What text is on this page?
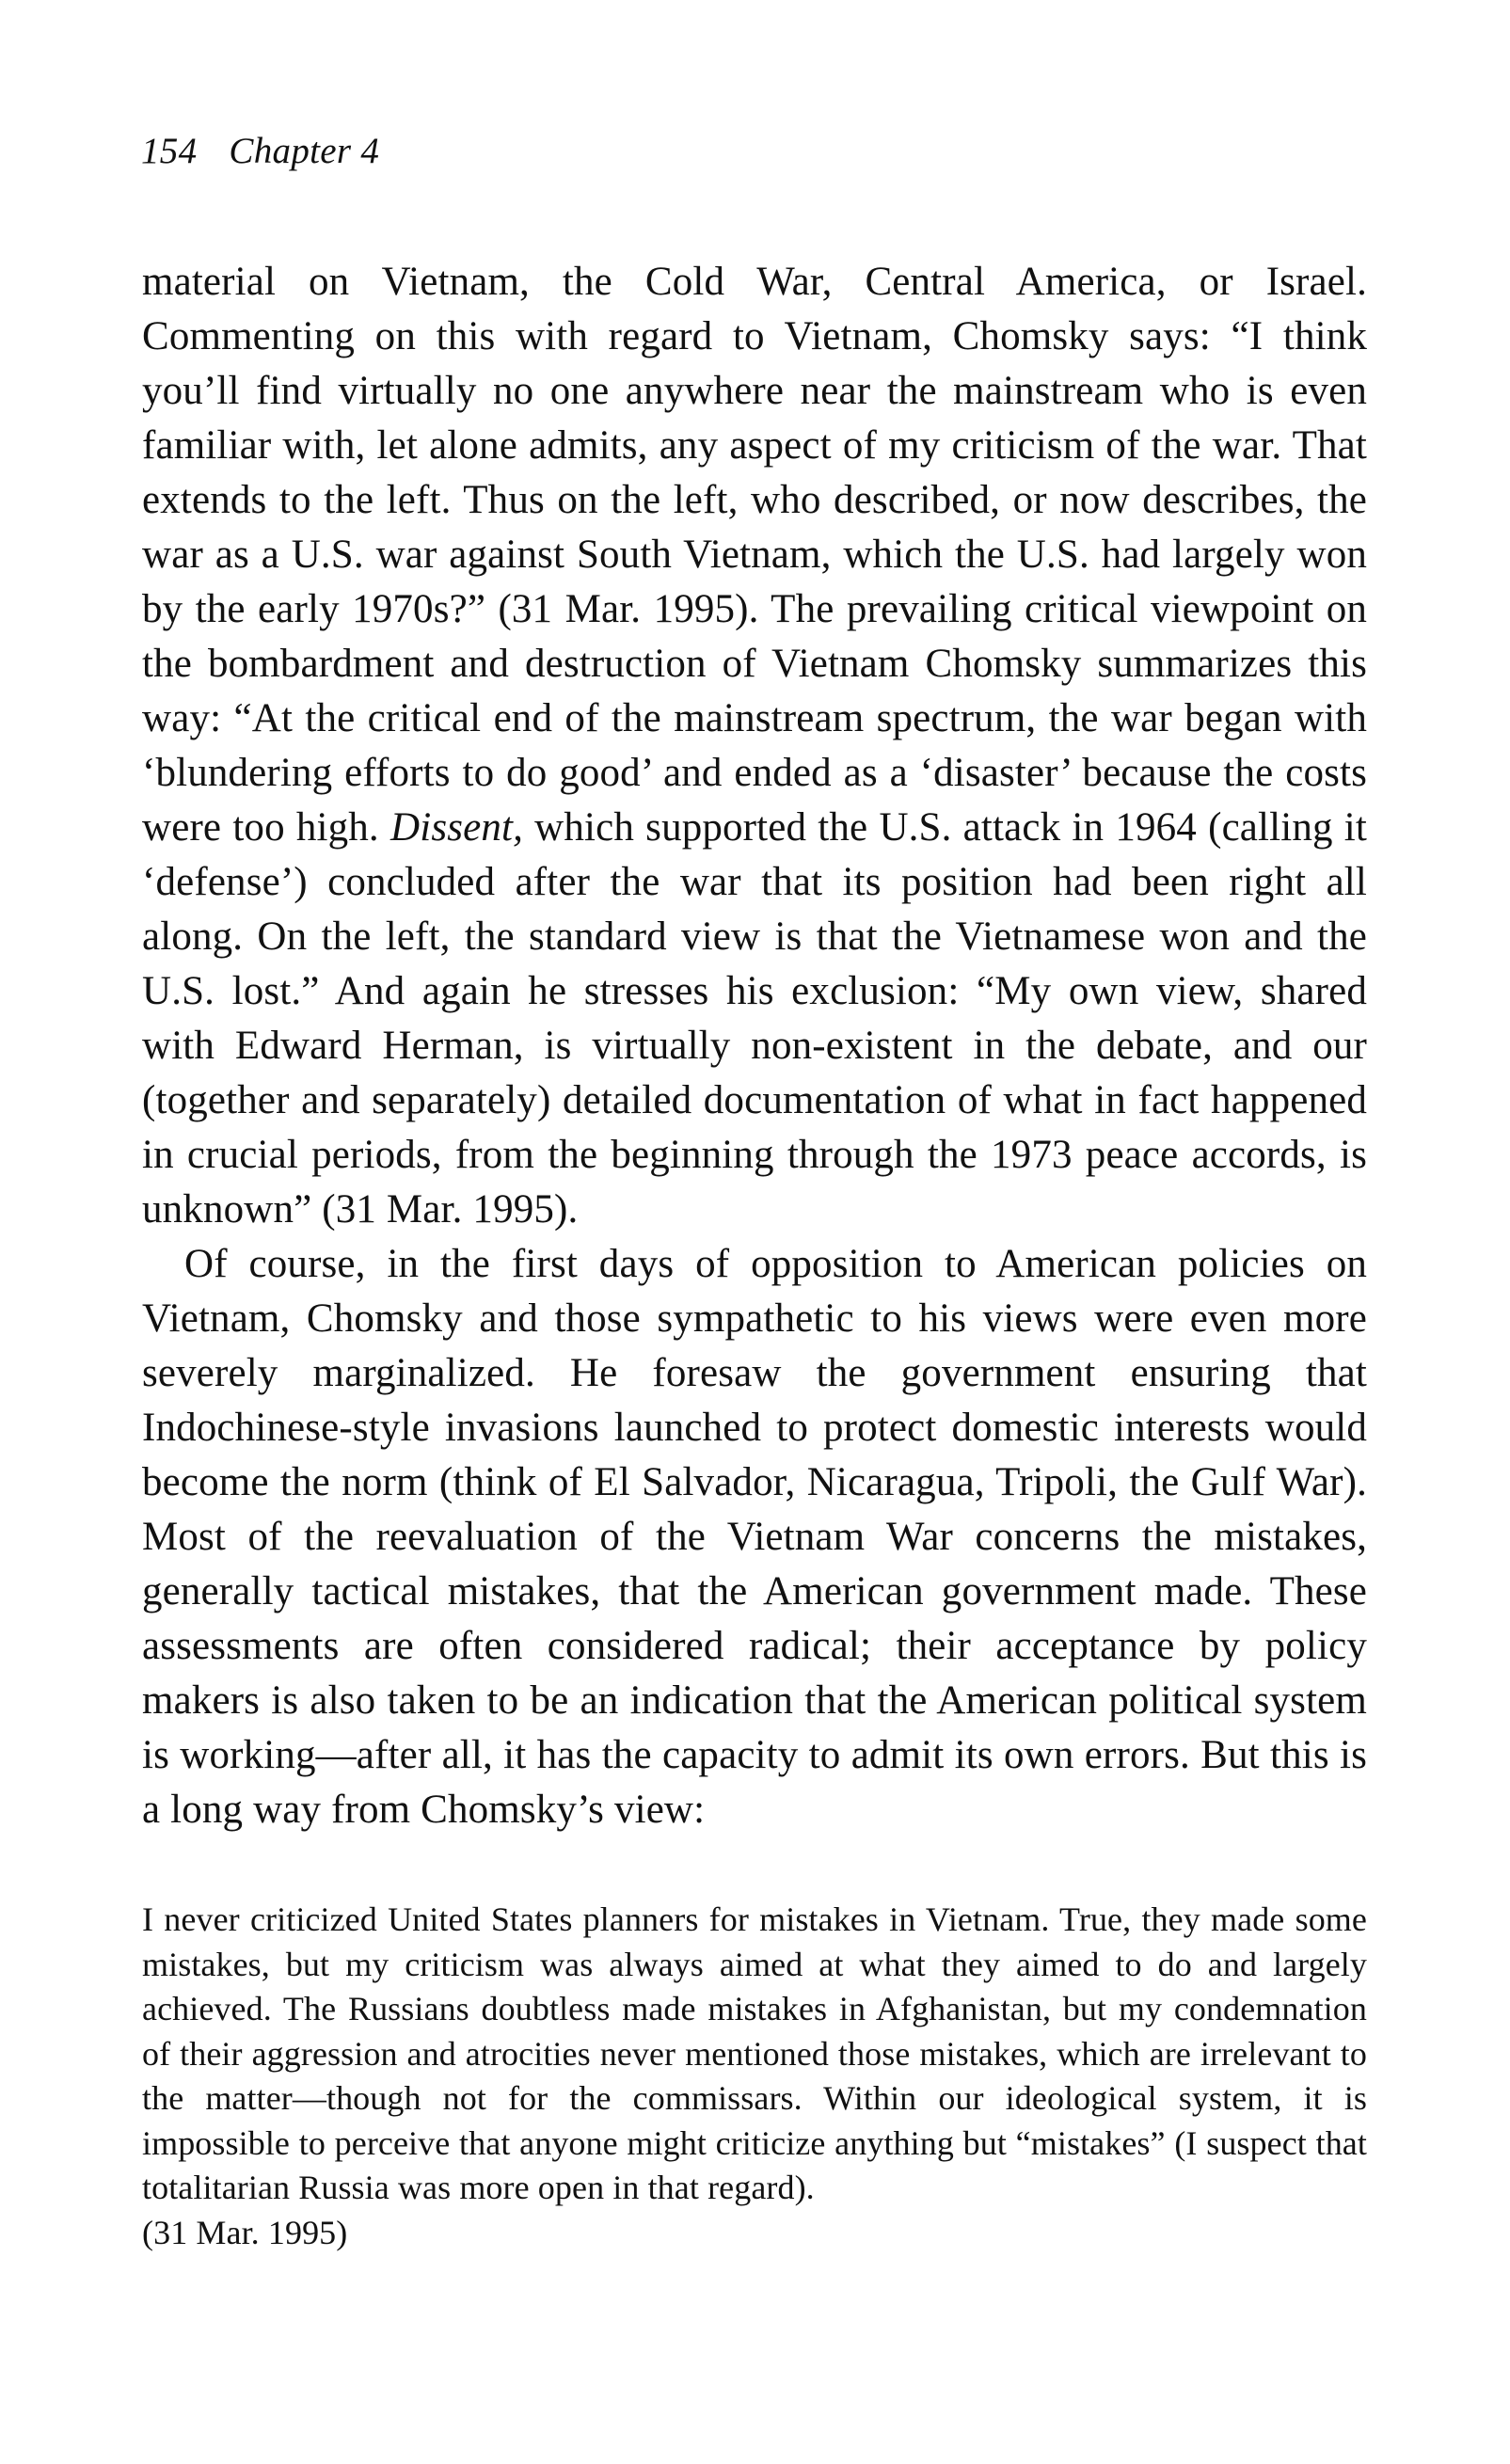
154 Chapter 4

material on Vietnam, the Cold War, Central America, or Israel. Commenting on this with regard to Vietnam, Chomsky says: “I think you’ll find virtually no one anywhere near the mainstream who is even familiar with, let alone admits, any aspect of my criticism of the war. That extends to the left. Thus on the left, who described, or now describes, the war as a U.S. war against South Vietnam, which the U.S. had largely won by the early 1970s?” (31 Mar. 1995). The prevailing critical viewpoint on the bombardment and destruction of Vietnam Chomsky summarizes this way: “At the critical end of the mainstream spectrum, the war began with ‘blundering efforts to do good’ and ended as a ‘disaster’ because the costs were too high. Dissent, which supported the U.S. attack in 1964 (calling it ‘defense’) concluded after the war that its position had been right all along. On the left, the standard view is that the Vietnamese won and the U.S. lost.” And again he stresses his exclusion: “My own view, shared with Edward Herman, is virtually non-existent in the debate, and our (together and separately) detailed documentation of what in fact happened in crucial periods, from the beginning through the 1973 peace accords, is unknown” (31 Mar. 1995).

Of course, in the first days of opposition to American policies on Vietnam, Chomsky and those sympathetic to his views were even more severely marginalized. He foresaw the government ensuring that Indochinese-style invasions launched to protect domestic interests would become the norm (think of El Salvador, Nicaragua, Tripoli, the Gulf War). Most of the reevaluation of the Vietnam War concerns the mistakes, generally tactical mistakes, that the American government made. These assessments are often considered radical; their acceptance by policy makers is also taken to be an indication that the American political system is working—after all, it has the capacity to admit its own errors. But this is a long way from Chomsky’s view:

I never criticized United States planners for mistakes in Vietnam. True, they made some mistakes, but my criticism was always aimed at what they aimed to do and largely achieved. The Russians doubtless made mistakes in Afghanistan, but my condemnation of their aggression and atrocities never mentioned those mistakes, which are irrelevant to the matter—though not for the commissars. Within our ideological system, it is impossible to perceive that anyone might criticize anything but “mistakes” (I suspect that totalitarian Russia was more open in that regard).
(31 Mar. 1995)
